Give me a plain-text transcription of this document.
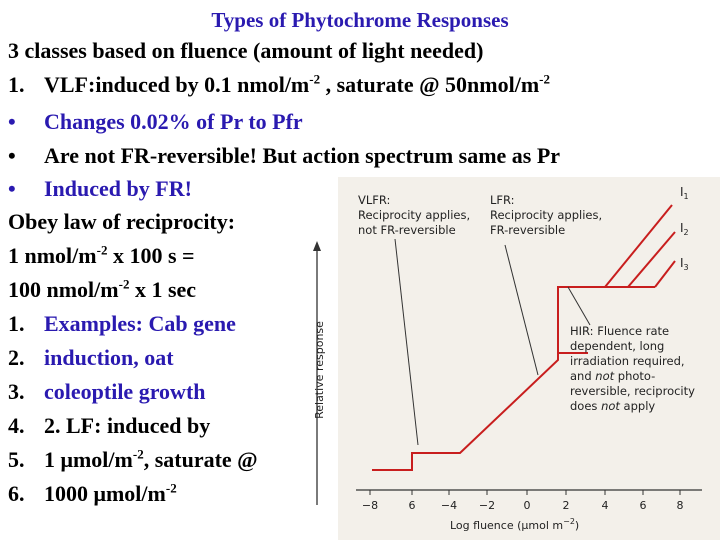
Types of Phytochrome Responses
3 classes based on fluence (amount of light needed)
1. VLF:induced by 0.1 nmol/$m^{-2}$ , saturate @ $50nmol/m^{-2}$
• Changes 0.02% of Pr to Pfr
• Are not FR-reversible! But action spectrum same as Pr
• Induced by FR!
Obey law of reciprocity:
1 nmol/$m^{-2}$ x 100 s =
100 nmol/$m^{-2}$ x 1 sec
1. Examples: Cab gene
2. induction, oat
3. coleoptile growth
4. 2. LF: induced by
5. 1 μmol/$m^{-2}$, saturate @
6. 1000 μmol/$m^{-2}$
Relative response
−8	6 −4 −2	0	2	4	6	8
Log fluence (μmol $m^{-2}$)
$I_1$
$I_2$
$I_3$
VLFR:
Reciprocity applies,
not FR-reversible
LFR:
Reciprocity applies,
FR-reversible
HIR: Fluence rate
dependent, long
irradiation required,
and not photo-
reversible, reciprocity
does not apply
